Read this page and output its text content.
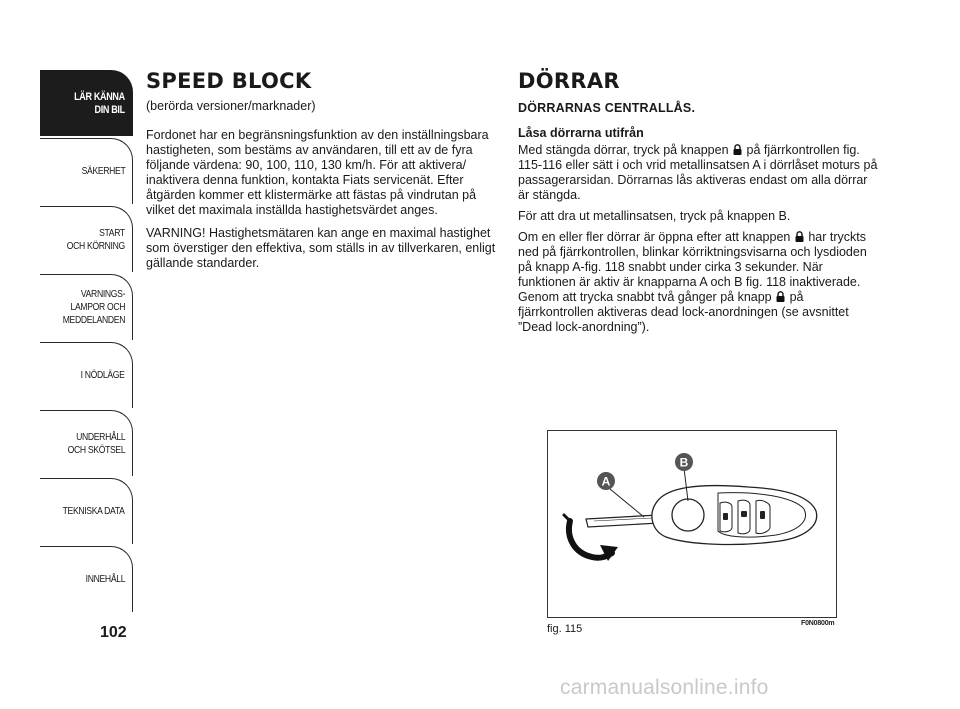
LÄR KÄNNA
DIN BIL
SÄKERHET
START
OCH KÖRNING
VARNINGS-
LAMPOR OCH
MEDDELANDEN
I NÖDLÄGE
UNDERHÅLL
OCH SKÖTSEL
TEKNISKA DATA
INNEHÅLL
102
SPEED BLOCK
(berörda versioner/marknader)

Fordonet har en begränsningsfunktion av den inställningsbara hastigheten, som bestäms av användaren, till ett av de fyra följande värdena: 90, 100, 110, 130 km/h. För att aktivera/ inaktivera denna funktion, kontakta Fiats servicenät. Efter åtgärden kommer ett klistermärke att fästas på vindrutan på vilket det maximala inställda hastighetsvärdet anges.

VARNING! Hastighetsmätaren kan ange en maximal hastighet som överstiger den effektiva, som ställs in av tillverkaren, enligt gällande standarder.

DÖRRAR
DÖRRARNAS CENTRALLÅS.
Låsa dörrarna utifrån

Med stängda dörrar, tryck på knappen på fjärrkontrollen fig. 115-116 eller sätt i och vrid metallinsatsen A i dörrlåset moturs på passagerarsidan. Dörrarnas lås aktiveras endast om alla dörrar är stängda.

För att dra ut metallinsatsen, tryck på knappen B.

Om en eller fler dörrar är öppna efter att knappen har tryckts ned på fjärrkontrollen, blinkar körriktningsvisarna och lysdioden på knapp A-fig. 118 snabbt under cirka 3 sekunder. När funktionen är aktiv är knapparna A och B fig. 118 inaktiverade. Genom att trycka snabbt två gånger på knapp på fjärrkontrollen aktiveras dead lock-anordningen (se avsnittet ”Dead lock-anordning”).

A
B
fig. 115	F0N0800m
carmanualsonline.info
